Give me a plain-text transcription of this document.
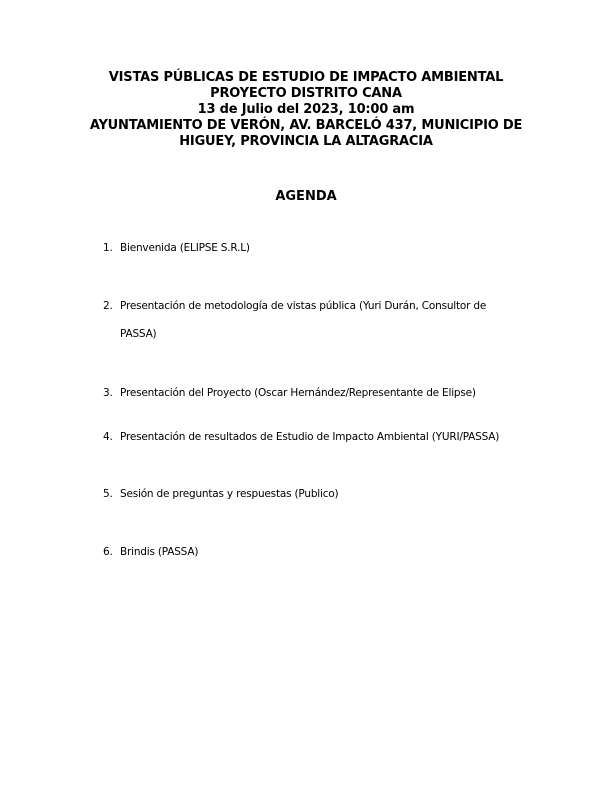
VISTAS PÚBLICAS DE ESTUDIO DE IMPACTO AMBIENTAL
PROYECTO DISTRITO CANA
13 de Julio del 2023, 10:00 am
AYUNTAMIENTO DE VERÓN, AV. BARCELÓ 437, MUNICIPIO DE
HIGUEY, PROVINCIA LA ALTAGRACIA
AGENDA
1. Bienvenida (ELIPSE S.R.L)
2. Presentación de metodología de vistas pública (Yuri Durán, Consultor de
PASSA)
3. Presentación del Proyecto (Oscar Hernández/Representante de Elipse)
4. Presentación de resultados de Estudio de Impacto Ambiental (YURI/PASSA)
5. Sesión de preguntas y respuestas (Publico)
6. Brindis (PASSA)
